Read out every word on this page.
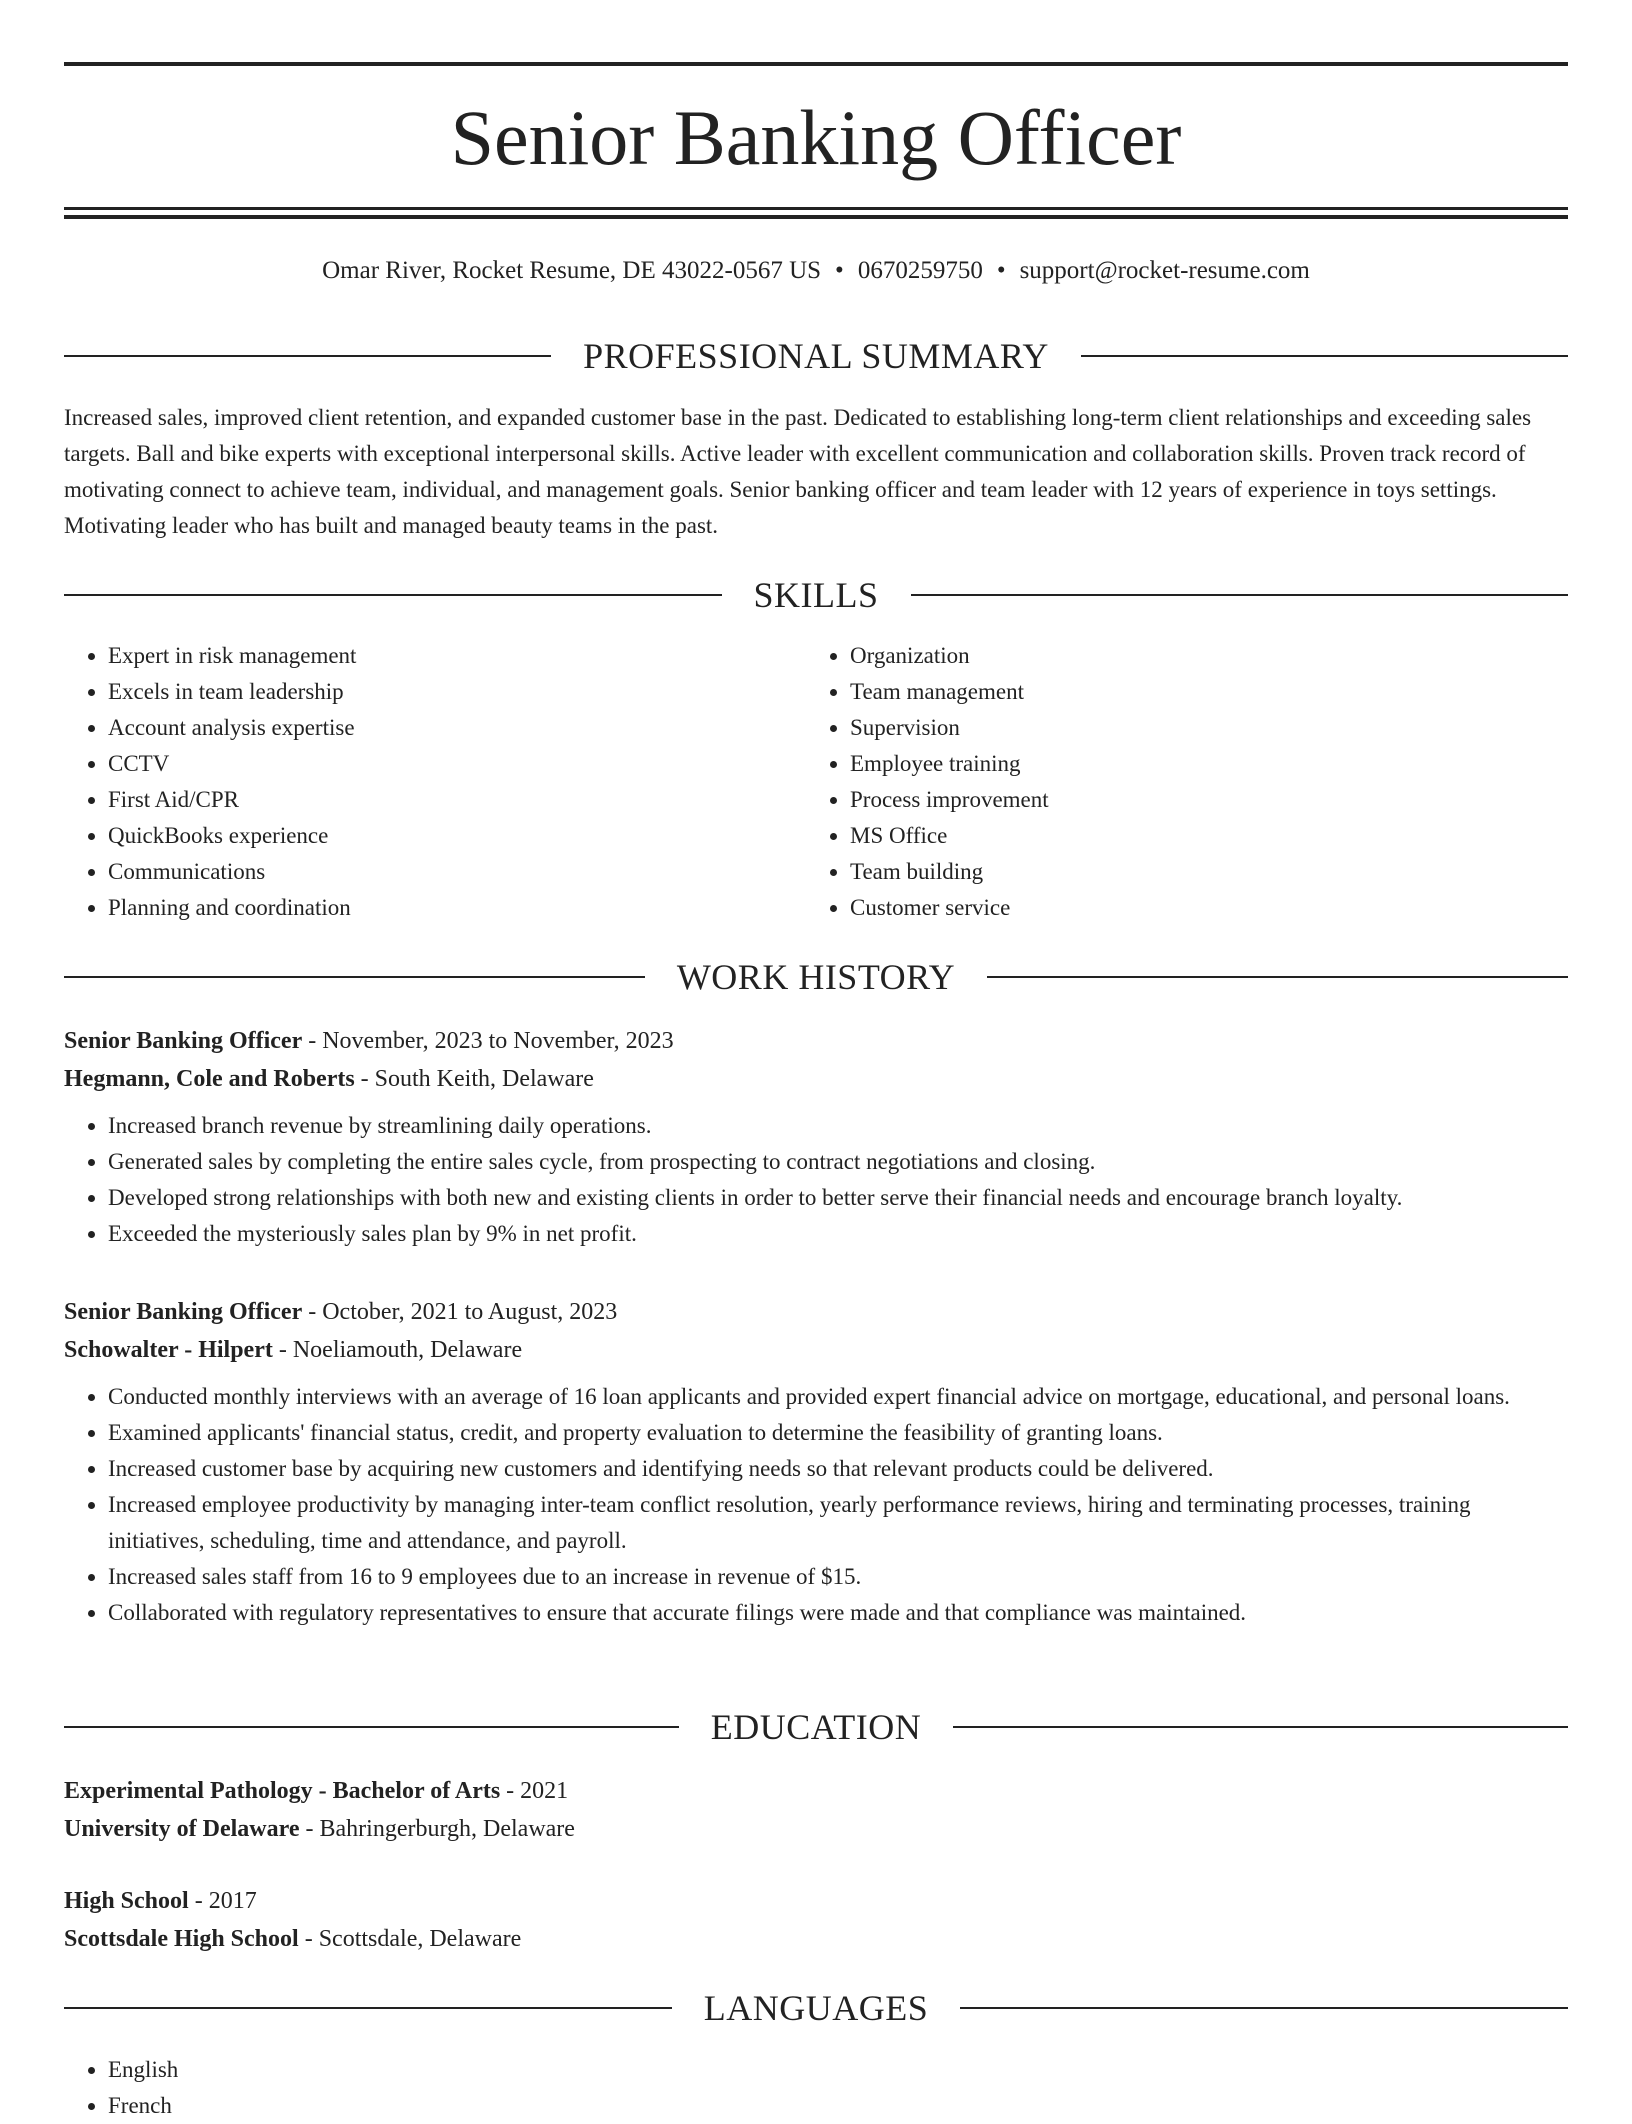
Senior Banking Officer
Omar River, Rocket Resume, DE 43022-0567 US • 0670259750 • support@rocket-resume.com
PROFESSIONAL SUMMARY

Increased sales, improved client retention, and expanded customer base in the past. Dedicated to establishing long-term client relationships and exceeding sales targets. Ball and bike experts with exceptional interpersonal skills. Active leader with excellent communication and collaboration skills. Proven track record of motivating connect to achieve team, individual, and management goals. Senior banking officer and team leader with 12 years of experience in toys settings. Motivating leader who has built and managed beauty teams in the past.

SKILLS
• Expert in risk management
• Excels in team leadership
• Account analysis expertise
• CCTV
• First Aid/CPR
• QuickBooks experience
• Communications
• Planning and coordination
• Organization
• Team management
• Supervision
• Employee training
• Process improvement
• MS Office
• Team building
• Customer service
WORK HISTORY

Senior Banking Officer - November, 2023 to November, 2023

Hegmann, Cole and Roberts - South Keith, Delaware

• Increased branch revenue by streamlining daily operations.
• Generated sales by completing the entire sales cycle, from prospecting to contract negotiations and closing.
• Developed strong relationships with both new and existing clients in order to better serve their financial needs and encourage branch loyalty.
• Exceeded the mysteriously sales plan by 9% in net profit.

Senior Banking Officer - October, 2021 to August, 2023

Schowalter - Hilpert - Noeliamouth, Delaware

• Conducted monthly interviews with an average of 16 loan applicants and provided expert financial advice on mortgage, educational, and personal loans.
• Examined applicants' financial status, credit, and property evaluation to determine the feasibility of granting loans.
• Increased customer base by acquiring new customers and identifying needs so that relevant products could be delivered.
• Increased employee productivity by managing inter-team conflict resolution, yearly performance reviews, hiring and terminating processes, training initiatives, scheduling, time and attendance, and payroll.
• Increased sales staff from 16 to 9 employees due to an increase in revenue of $15.
• Collaborated with regulatory representatives to ensure that accurate filings were made and that compliance was maintained.
EDUCATION

Experimental Pathology - Bachelor of Arts - 2021

University of Delaware - Bahringerburgh, Delaware

High School - 2017

Scottsdale High School - Scottsdale, Delaware

LANGUAGES
• English
• French
